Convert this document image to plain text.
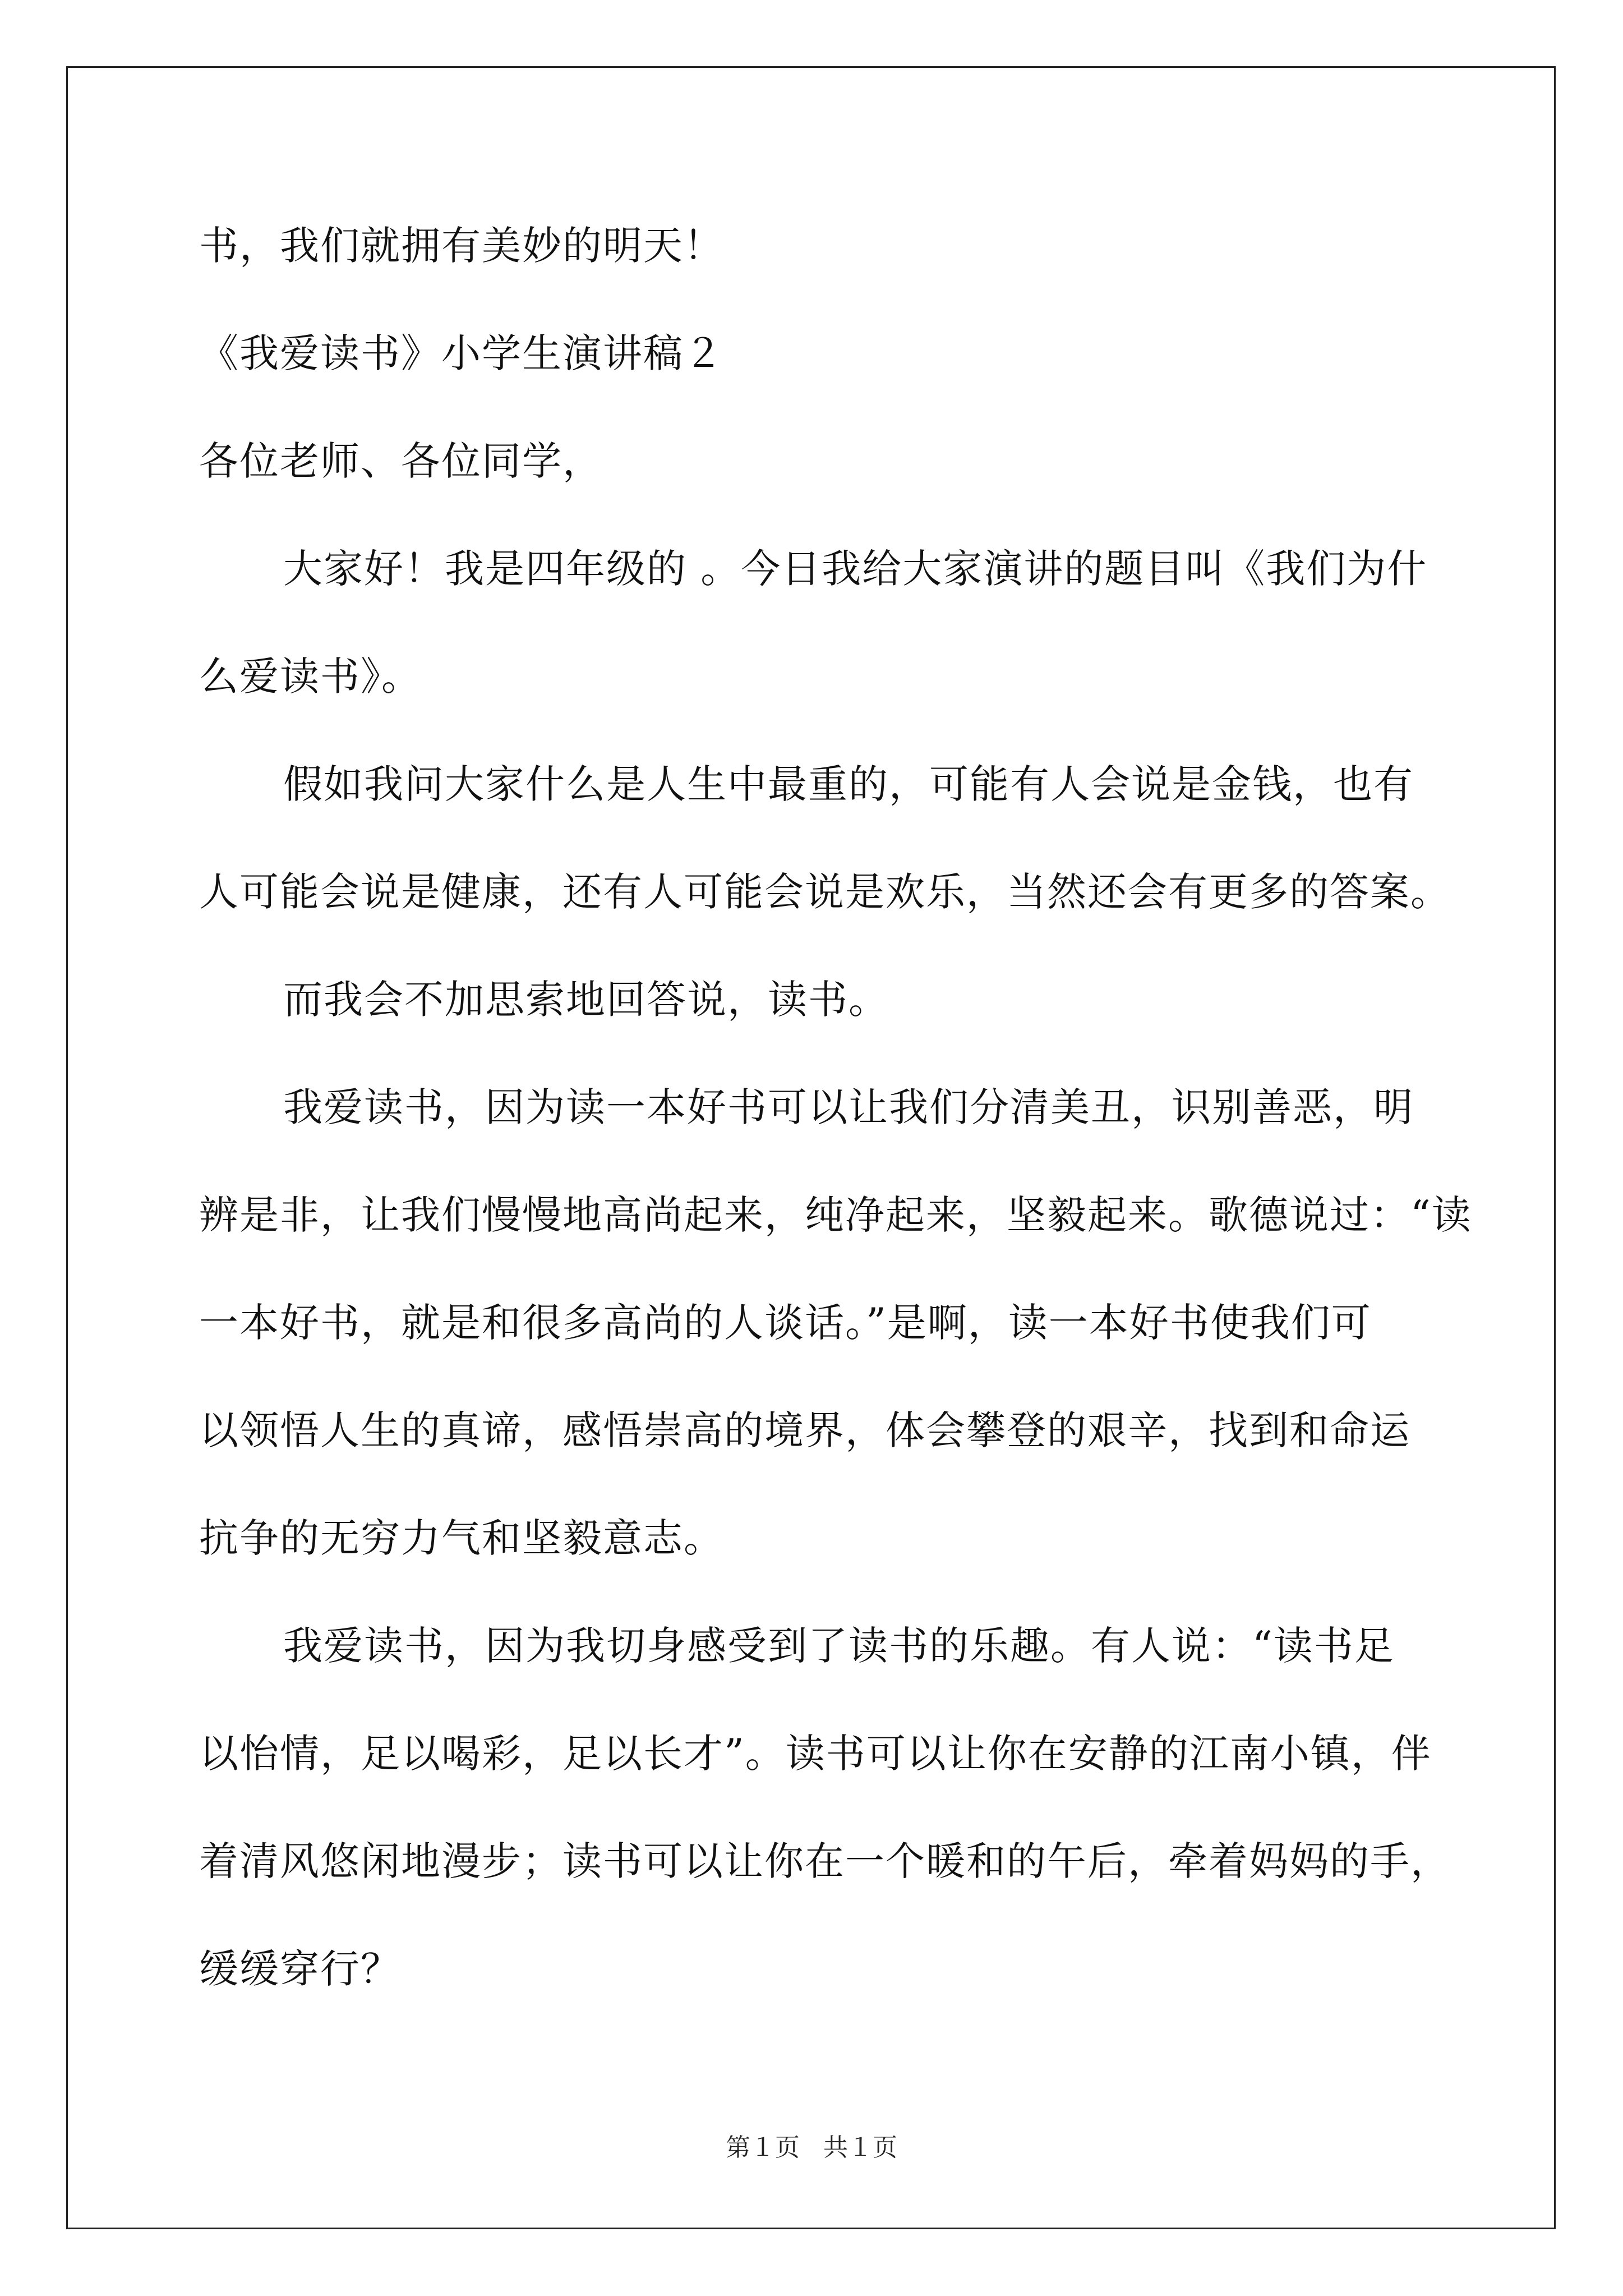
书，我们就拥有美妙的明天！
《我爱读书》小学生演讲稿２
各位老师、各位同学，
大家好！我是四年级的 。今日我给大家演讲的题目叫《我们为什
么爱读书》。
假如我问大家什么是人生中最重的，可能有人会说是金钱，也有
人可能会说是健康，还有人可能会说是欢乐，当然还会有更多的答案。
而我会不加思索地回答说，读书。
我爱读书，因为读一本好书可以让我们分清美丑，识别善恶，明
辨是非，让我们慢慢地高尚起来，纯净起来，坚毅起来。歌德说过：“读
一本好书，就是和很多高尚的人谈话。”是啊，读一本好书使我们可
以领悟人生的真谛，感悟崇高的境界，体会攀登的艰辛，找到和命运
抗争的无穷力气和坚毅意志。
我爱读书，因为我切身感受到了读书的乐趣。有人说：“读书足
以怡情，足以喝彩，足以长才”。读书可以让你在安静的江南小镇，伴
着清风悠闲地漫步；读书可以让你在一个暖和的午后，牵着妈妈的手，
缓缓穿行？
第１页   共１页
